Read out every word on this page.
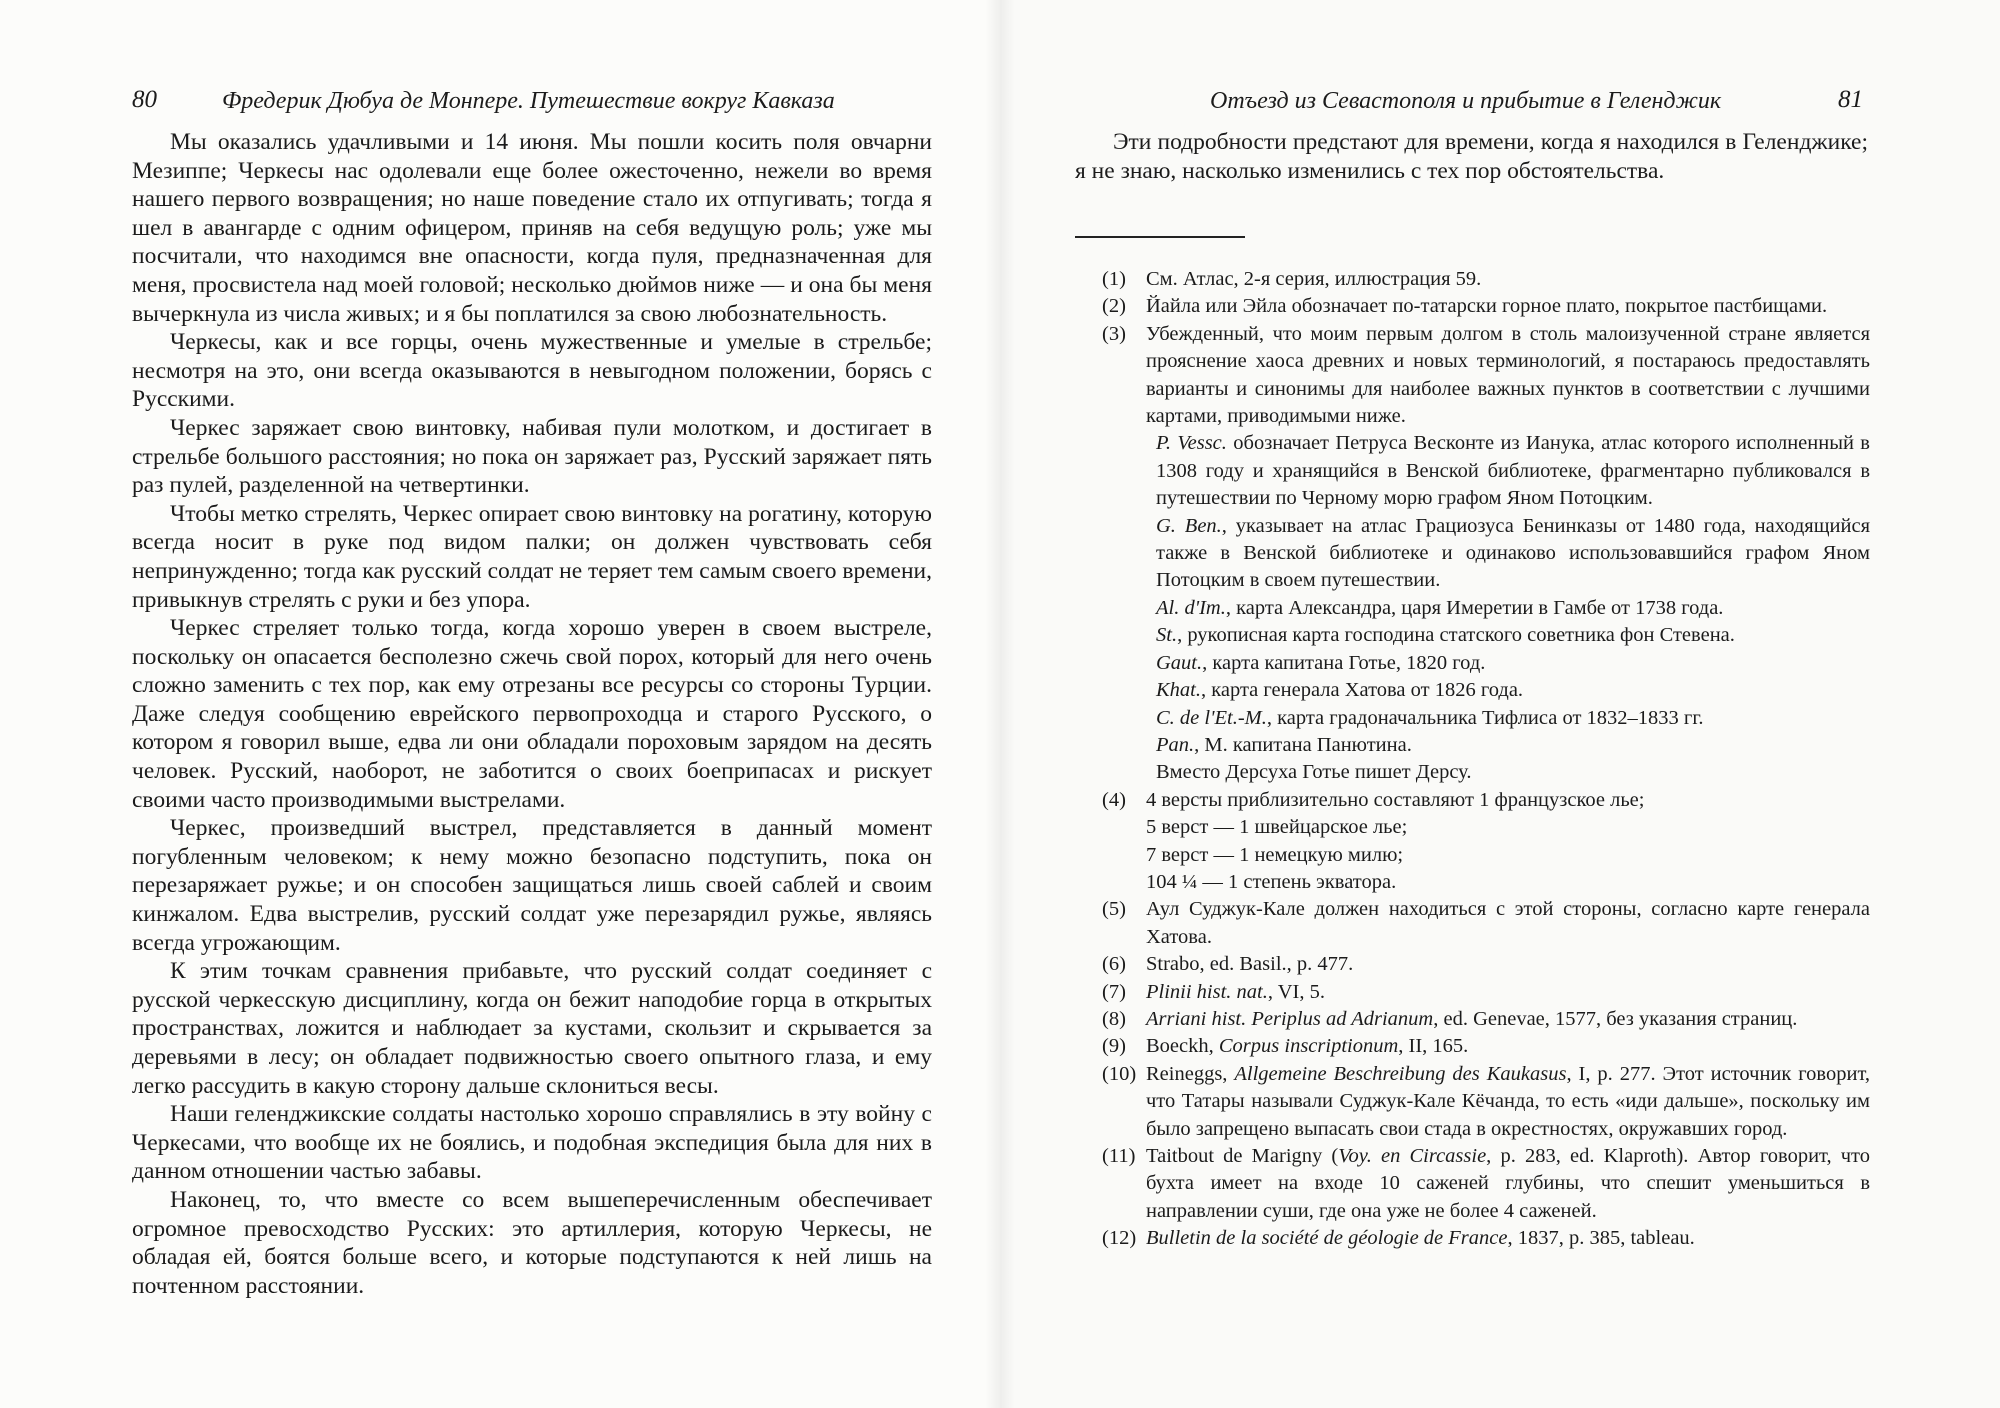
80	Фредерик Дюбуа де Монпере. Путешествие вокруг Кавказа

Мы оказались удачливыми и 14 июня. Мы пошли косить поля овчарни Мезиппе; Черкесы нас одолевали еще более ожесточенно, нежели во время нашего первого возвращения; но наше поведение стало их отпугивать; тогда я шел в авангарде с одним офицером, приняв на себя ведущую роль; уже мы посчитали, что находимся вне опасности, когда пуля, предназначенная для меня, просвистела над моей головой; несколько дюймов ниже — и она бы меня вычеркнула из числа живых; и я бы поплатился за свою любознательность.

Черкесы, как и все горцы, очень мужественные и умелые в стрельбе; несмотря на это, они всегда оказываются в невыгодном положении, борясь с Русскими.

Черкес заряжает свою винтовку, набивая пули молотком, и достигает в стрельбе большого расстояния; но пока он заряжает раз, Русский заряжает пять раз пулей, разделенной на четвертинки.

Чтобы метко стрелять, Черкес опирает свою винтовку на рогатину, которую всегда носит в руке под видом палки; он должен чувствовать себя непринужденно; тогда как русский солдат не теряет тем самым своего времени, привыкнув стрелять с руки и без упора.

Черкес стреляет только тогда, когда хорошо уверен в своем выстреле, поскольку он опасается бесполезно сжечь свой порох, который для него очень сложно заменить с тех пор, как ему отрезаны все ресурсы со стороны Турции. Даже следуя сообщению еврейского первопроходца и старого Русского, о котором я говорил выше, едва ли они обладали пороховым зарядом на десять человек. Русский, наоборот, не заботится о своих боеприпасах и рискует своими часто производимыми выстрелами.

Черкес, произведший выстрел, представляется в данный момент погубленным человеком; к нему можно безопасно подступить, пока он перезаряжает ружье; и он способен защищаться лишь своей саблей и своим кинжалом. Едва выстрелив, русский солдат уже перезарядил ружье, являясь всегда угрожающим.

К этим точкам сравнения прибавьте, что русский солдат соединяет с русской черкесскую дисциплину, когда он бежит наподобие горца в открытых пространствах, ложится и наблюдает за кустами, скользит и скрывается за деревьями в лесу; он обладает подвижностью своего опытного глаза, и ему легко рассудить в какую сторону дальше склониться весы.

Наши геленджикские солдаты настолько хорошо справлялись в эту войну с Черкесами, что вообще их не боялись, и подобная экспедиция была для них в данном отношении частью забавы.

Наконец, то, что вместе со всем вышеперечисленным обеспечивает огромное превосходство Русских: это артиллерия, которую Черкесы, не обладая ей, боятся больше всего, и которые подступаются к ней лишь на почтенном расстоянии.

Отъезд из Севастополя и прибытие в Геленджик	81

Эти подробности предстают для времени, когда я находился в Геленджике; я не знаю, насколько изменились с тех пор обстоятельства.

(1) См. Атлас, 2-я серия, иллюстрация 59.
(2) Йайла или Эйла обозначает по-татарски горное плато, покрытое пастбищами.
(3) Убежденный, что моим первым долгом в столь малоизученной стране является прояснение хаоса древних и новых терминологий, я постараюсь предоставлять варианты и синонимы для наиболее важных пунктов в соответствии с лучшими картами, приводимыми ниже.
P. Vessc. обозначает Петруса Весконте из Ианука, атлас которого исполненный в 1308 году и хранящийся в Венской библиотеке, фрагментарно публиковался в путешествии по Черному морю графом Яном Потоцким.
G. Ben., указывает на атлас Грациозуса Бенинказы от 1480 года, находящийся также в Венской библиотеке и одинаково использовавшийся графом Яном Потоцким в своем путешествии.
Al. d'Im., карта Александра, царя Имеретии в Гамбе от 1738 года.
St., рукописная карта господина статского советника фон Стевена.
Gaut., карта капитана Готье, 1820 год.
Khat., карта генерала Хатова от 1826 года.
C. de l'Et.-M., карта градоначальника Тифлиса от 1832–1833 гг.
Pan., М. капитана Панютина.
Вместо Дерсуха Готье пишет Дерсу.
(4) 4 версты приблизительно составляют 1 французское лье;
5 верст — 1 швейцарское лье;
7 верст — 1 немецкую милю;
104 ¼ — 1 степень экватора.
(5) Аул Суджук-Кале должен находиться с этой стороны, согласно карте генерала Хатова.
(6) Strabo, ed. Basil., p. 477.
(7) Plinii hist. nat., VI, 5.
(8) Arriani hist. Periplus ad Adrianum, ed. Genevae, 1577, без указания страниц.
(9) Boeckh, Corpus inscriptionum, II, 165.
(10) Reineggs, Allgemeine Beschreibung des Kaukasus, I, p. 277. Этот источник говорит, что Татары называли Суджук-Кале Кёчанда, то есть «иди дальше», поскольку им было запрещено выпасать свои стада в окрестностях, окружавших город.
(11) Taitbout de Marigny (Voy. en Circassie, p. 283, ed. Klaproth). Автор говорит, что бухта имеет на входе 10 саженей глубины, что спешит уменьшиться в направлении суши, где она уже не более 4 саженей.
(12) Bulletin de la société de géologie de France, 1837, p. 385, tableau.
